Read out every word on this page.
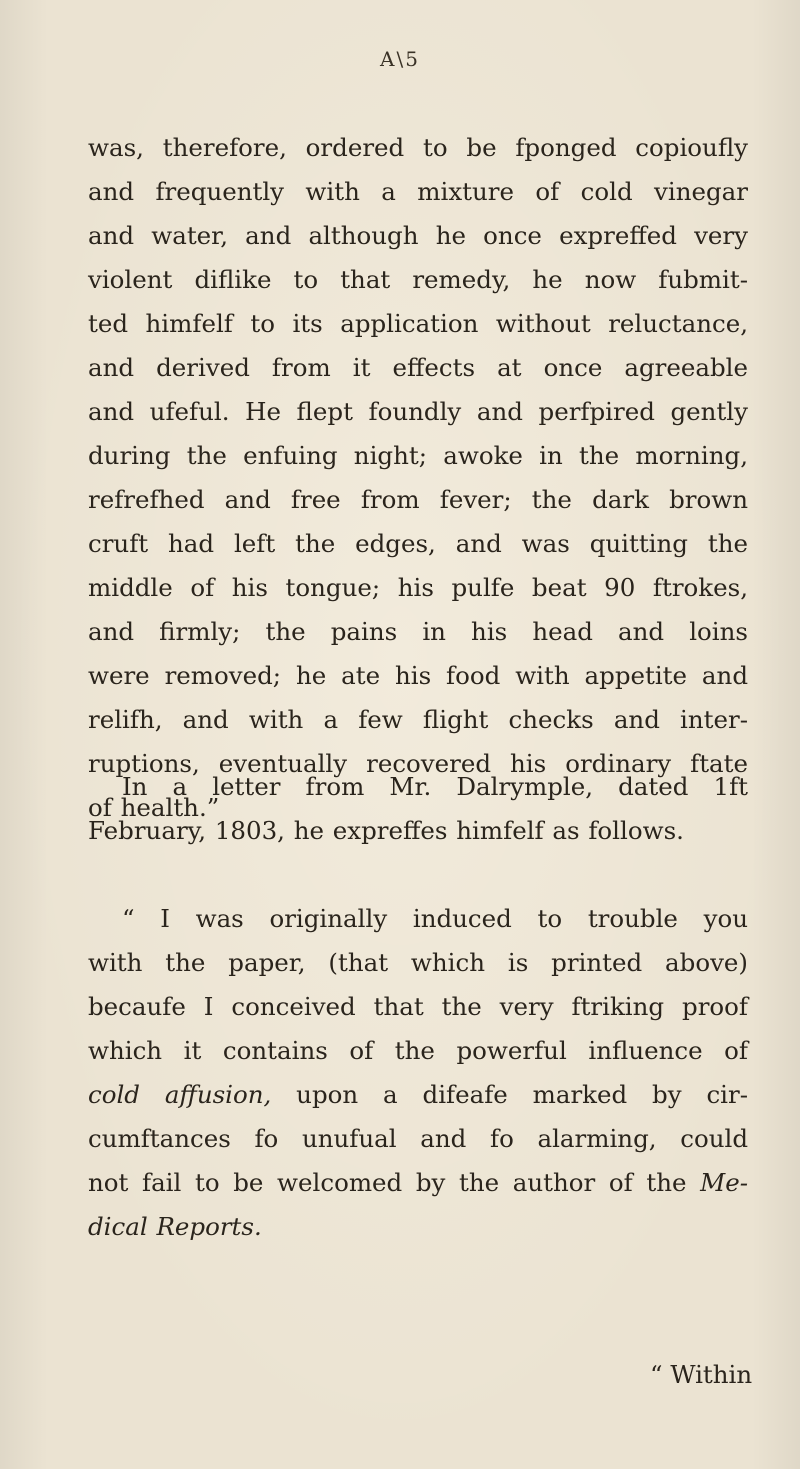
A\5
was, therefore, ordered to be fponged copioufly
and frequently with a mixture of cold vinegar
and water, and although he once expreffed very
violent diflike to that remedy, he now fubmit-
ted himfelf to its application without reluctance,
and derived from it effects at once agreeable
and ufeful. He flept foundly and perfpired gently
during the enfuing night; awoke in the morning,
refrefhed and free from fever; the dark brown
cruft had left the edges, and was quitting the
middle of his tongue; his pulfe beat 90 ftrokes,
and firmly; the pains in his head and loins
were removed; he ate his food with appetite and
relifh, and with a few flight checks and inter-
ruptions, eventually recovered his ordinary ftate
of health.”
In a letter from Mr. Dalrymple, dated 1ft
February, 1803, he expreffes himfelf as follows.
“ I was originally induced to trouble you
with the paper, (that which is printed above)
becaufe I conceived that the very ftriking proof
which it contains of the powerful influence of
cold affusion, upon a difeafe marked by cir-
cumftances fo unufual and fo alarming, could
not fail to be welcomed by the author of the Me-
dical Reports.
“ Within
